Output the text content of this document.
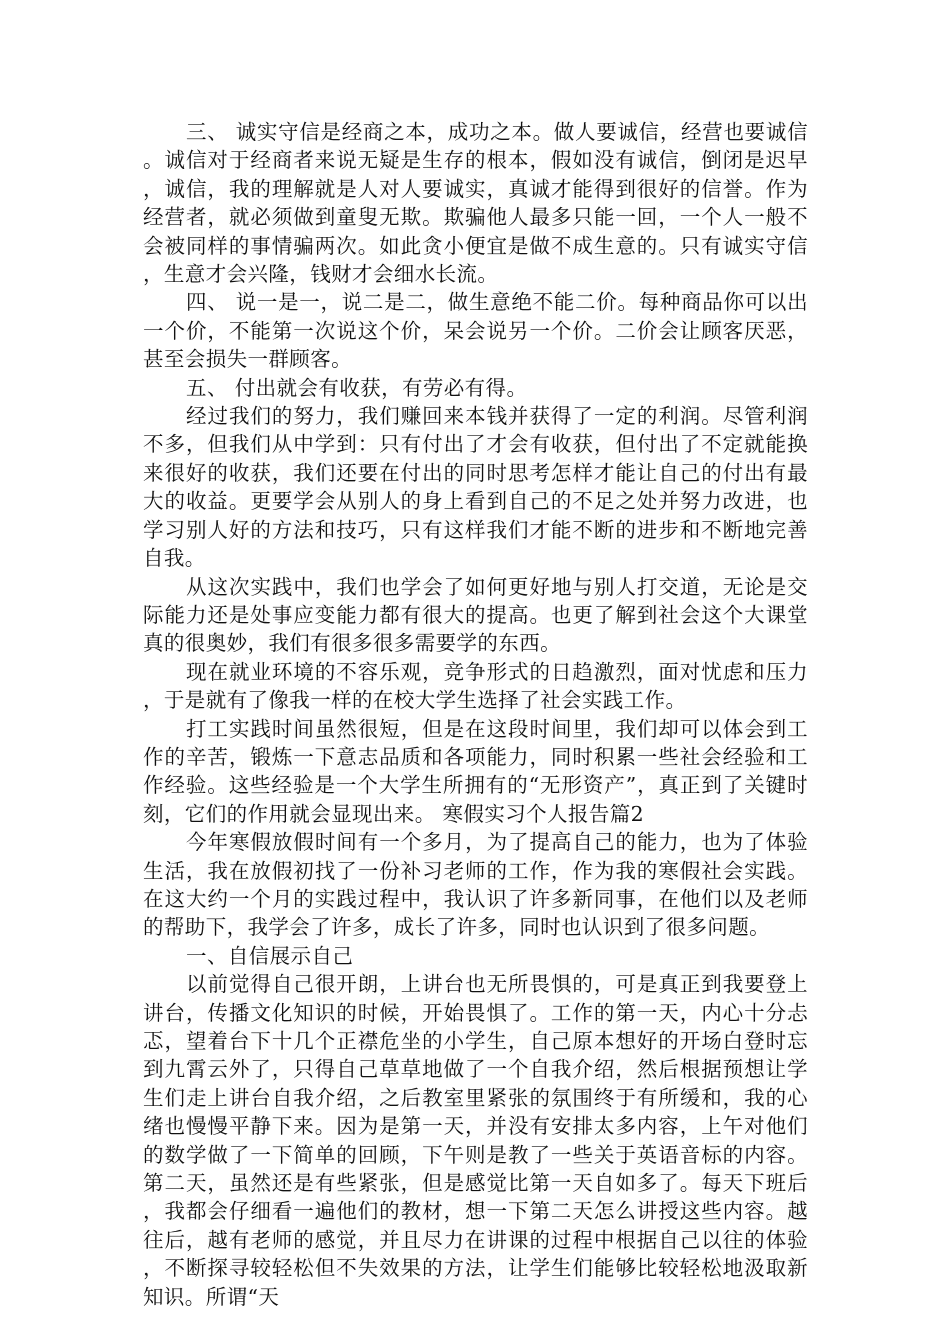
三、 诚实守信是经商之本，成功之本。做人要诚信，经营也要诚信。诚信对于经商者来说无疑是生存的根本，假如没有诚信，倒闭是迟早，诚信，我的理解就是人对人要诚实，真诚才能得到很好的信誉。作为经营者，就必须做到童叟无欺。欺骗他人最多只能一回，一个人一般不会被同样的事情骗两次。如此贪小便宜是做不成生意的。只有诚实守信，生意才会兴隆，钱财才会细水长流。

四、 说一是一，说二是二，做生意绝不能二价。每种商品你可以出一个价，不能第一次说这个价，呆会说另一个价。二价会让顾客厌恶，甚至会损失一群顾客。

五、 付出就会有收获，有劳必有得。

经过我们的努力，我们赚回来本钱并获得了一定的利润。尽管利润不多，但我们从中学到：只有付出了才会有收获，但付出了不定就能换来很好的收获，我们还要在付出的同时思考怎样才能让自己的付出有最大的收益。更要学会从别人的身上看到自己的不足之处并努力改进，也学习别人好的方法和技巧，只有这样我们才能不断的进步和不断地完善自我。

从这次实践中，我们也学会了如何更好地与别人打交道，无论是交际能力还是处事应变能力都有很大的提高。也更了解到社会这个大课堂真的很奥妙，我们有很多很多需要学的东西。

现在就业环境的不容乐观，竞争形式的日趋激烈，面对忧虑和压力，于是就有了像我一样的在校大学生选择了社会实践工作。

打工实践时间虽然很短，但是在这段时间里，我们却可以体会到工作的辛苦，锻炼一下意志品质和各项能力，同时积累一些社会经验和工作经验。这些经验是一个大学生所拥有的“无形资产”，真正到了关键时刻，它们的作用就会显现出来。 寒假实习个人报告篇2

今年寒假放假时间有一个多月，为了提高自己的能力，也为了体验生活，我在放假初找了一份补习老师的工作，作为我的寒假社会实践。在这大约一个月的实践过程中，我认识了许多新同事，在他们以及老师的帮助下，我学会了许多，成长了许多，同时也认识到了很多问题。

一、自信展示自己

以前觉得自己很开朗，上讲台也无所畏惧的，可是真正到我要登上讲台，传播文化知识的时候，开始畏惧了。工作的第一天，内心十分忐忑，望着台下十几个正襟危坐的小学生，自己原本想好的开场白登时忘到九霄云外了，只得自己草草地做了一个自我介绍，然后根据预想让学生们走上讲台自我介绍，之后教室里紧张的氛围终于有所缓和，我的心绪也慢慢平静下来。因为是第一天，并没有安排太多内容，上午对他们的数学做了一下简单的回顾，下午则是教了一些关于英语音标的内容。第二天，虽然还是有些紧张，但是感觉比第一天自如多了。每天下班后，我都会仔细看一遍他们的教材，想一下第二天怎么讲授这些内容。越往后，越有老师的感觉，并且尽力在讲课的过程中根据自己以往的体验，不断探寻较轻松但不失效果的方法，让学生们能够比较轻松地汲取新知识。所谓“天
